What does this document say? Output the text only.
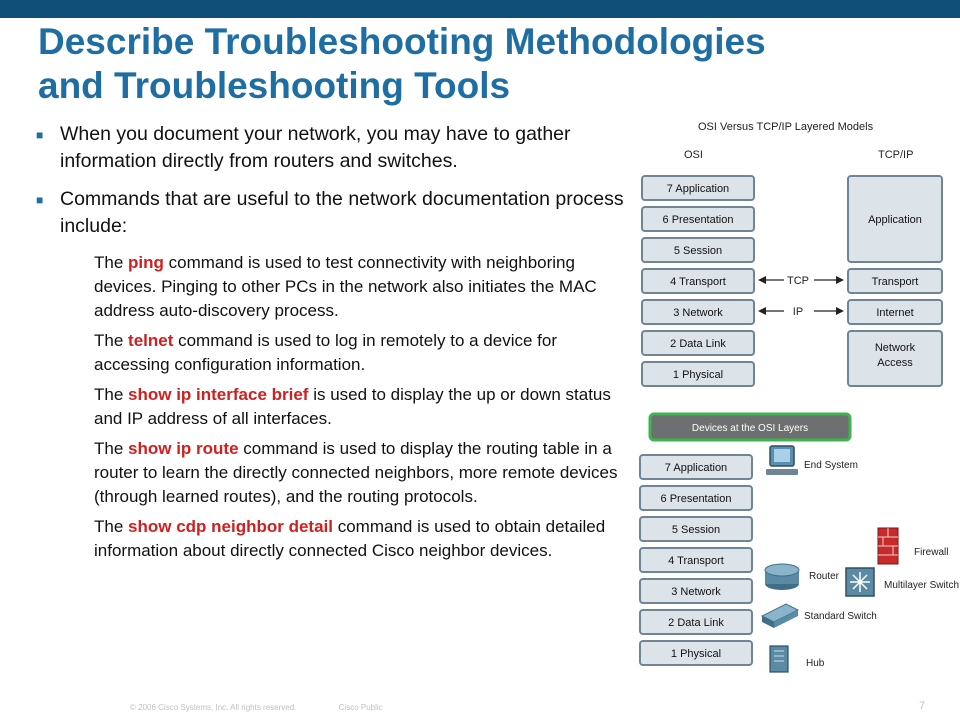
Describe Troubleshooting Methodologies
and Troubleshooting Tools
■ When you document your network, you may have to gather information directly from routers and switches.
■ Commands that are useful to the network documentation process include:
The ping command is used to test connectivity with neighboring devices. Pinging to other PCs in the network also initiates the MAC address auto-discovery process.
The telnet command is used to log in remotely to a device for accessing configuration information.
The show ip interface brief is used to display the up or down status and IP address of all interfaces.
The show ip route command is used to display the routing table in a router to learn the directly connected neighbors, more remote devices (through learned routes), and the routing protocols.
The show cdp neighbor detail command is used to obtain detailed information about directly connected Cisco neighbor devices.
OSI Versus TCP/IP Layered Models
OSI	TCP/IP
7 Application
6 Presentation
5 Session
4 Transport
3 Network
2 Data Link
1 Physical
Application
Transport
Internet
Network
Access
TCP
IP
Devices at the OSI Layers
7 Application
6 Presentation
5 Session
4 Transport
3 Network
2 Data Link
1 Physical
End System
Firewall
Router
Multilayer Switch
Standard Switch
Hub
© 2006 Cisco Systems, Inc. All rights reserved.	Cisco Public	7
